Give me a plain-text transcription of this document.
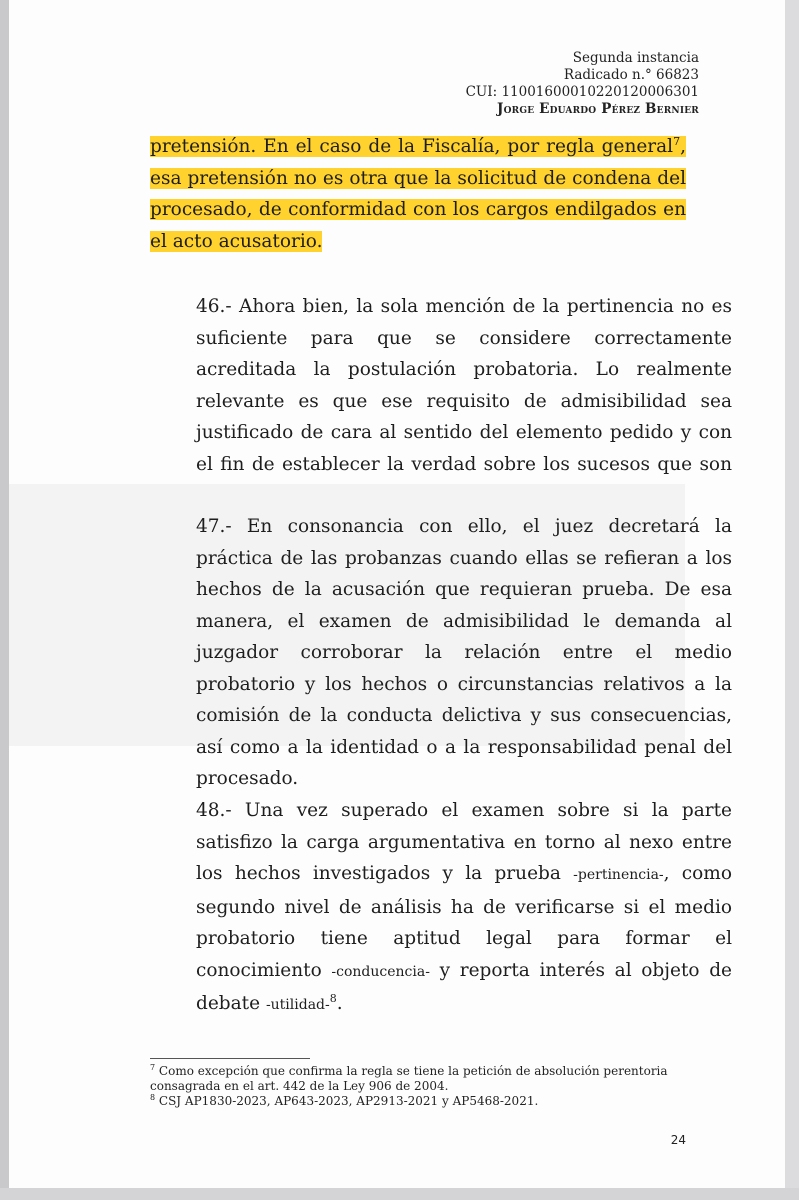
Segunda instancia
Radicado n.° 66823
CUI: 11001600010220120006301
Jorge Eduardo Pérez Bernier
pretensión. En el caso de la Fiscalía, por regla general$^7$, esa pretensión no es otra que la solicitud de condena del procesado, de conformidad con los cargos endilgados en el acto acusatorio.
46.- Ahora bien, la sola mención de la pertinencia no es suficiente para que se considere correctamente acreditada la postulación probatoria. Lo realmente relevante es que ese requisito de admisibilidad sea justificado de cara al sentido del elemento pedido y con el fin de establecer la verdad sobre los sucesos que son
47.- En consonancia con ello, el juez decretará la práctica de las probanzas cuando ellas se refieran a los hechos de la acusación que requieran prueba. De esa manera, el examen de admisibilidad le demanda al juzgador corroborar la relación entre el medio probatorio y los hechos o circunstancias relativos a la comisión de la conducta delictiva y sus consecuencias, así como a la identidad o a la responsabilidad penal del procesado.
48.- Una vez superado el examen sobre si la parte satisfizo la carga argumentativa en torno al nexo entre los hechos investigados y la prueba -pertinencia-, como segundo nivel de análisis ha de verificarse si el medio probatorio tiene aptitud legal para formar el conocimiento -conducencia- y reporta interés al objeto de debate -utilidad-$^8$.
$^7$ Como excepción que confirma la regla se tiene la petición de absolución perentoria consagrada en el art. 442 de la Ley 906 de 2004.
$^8$ CSJ AP1830-2023, AP643-2023, AP2913-2021 y AP5468-2021.
24
